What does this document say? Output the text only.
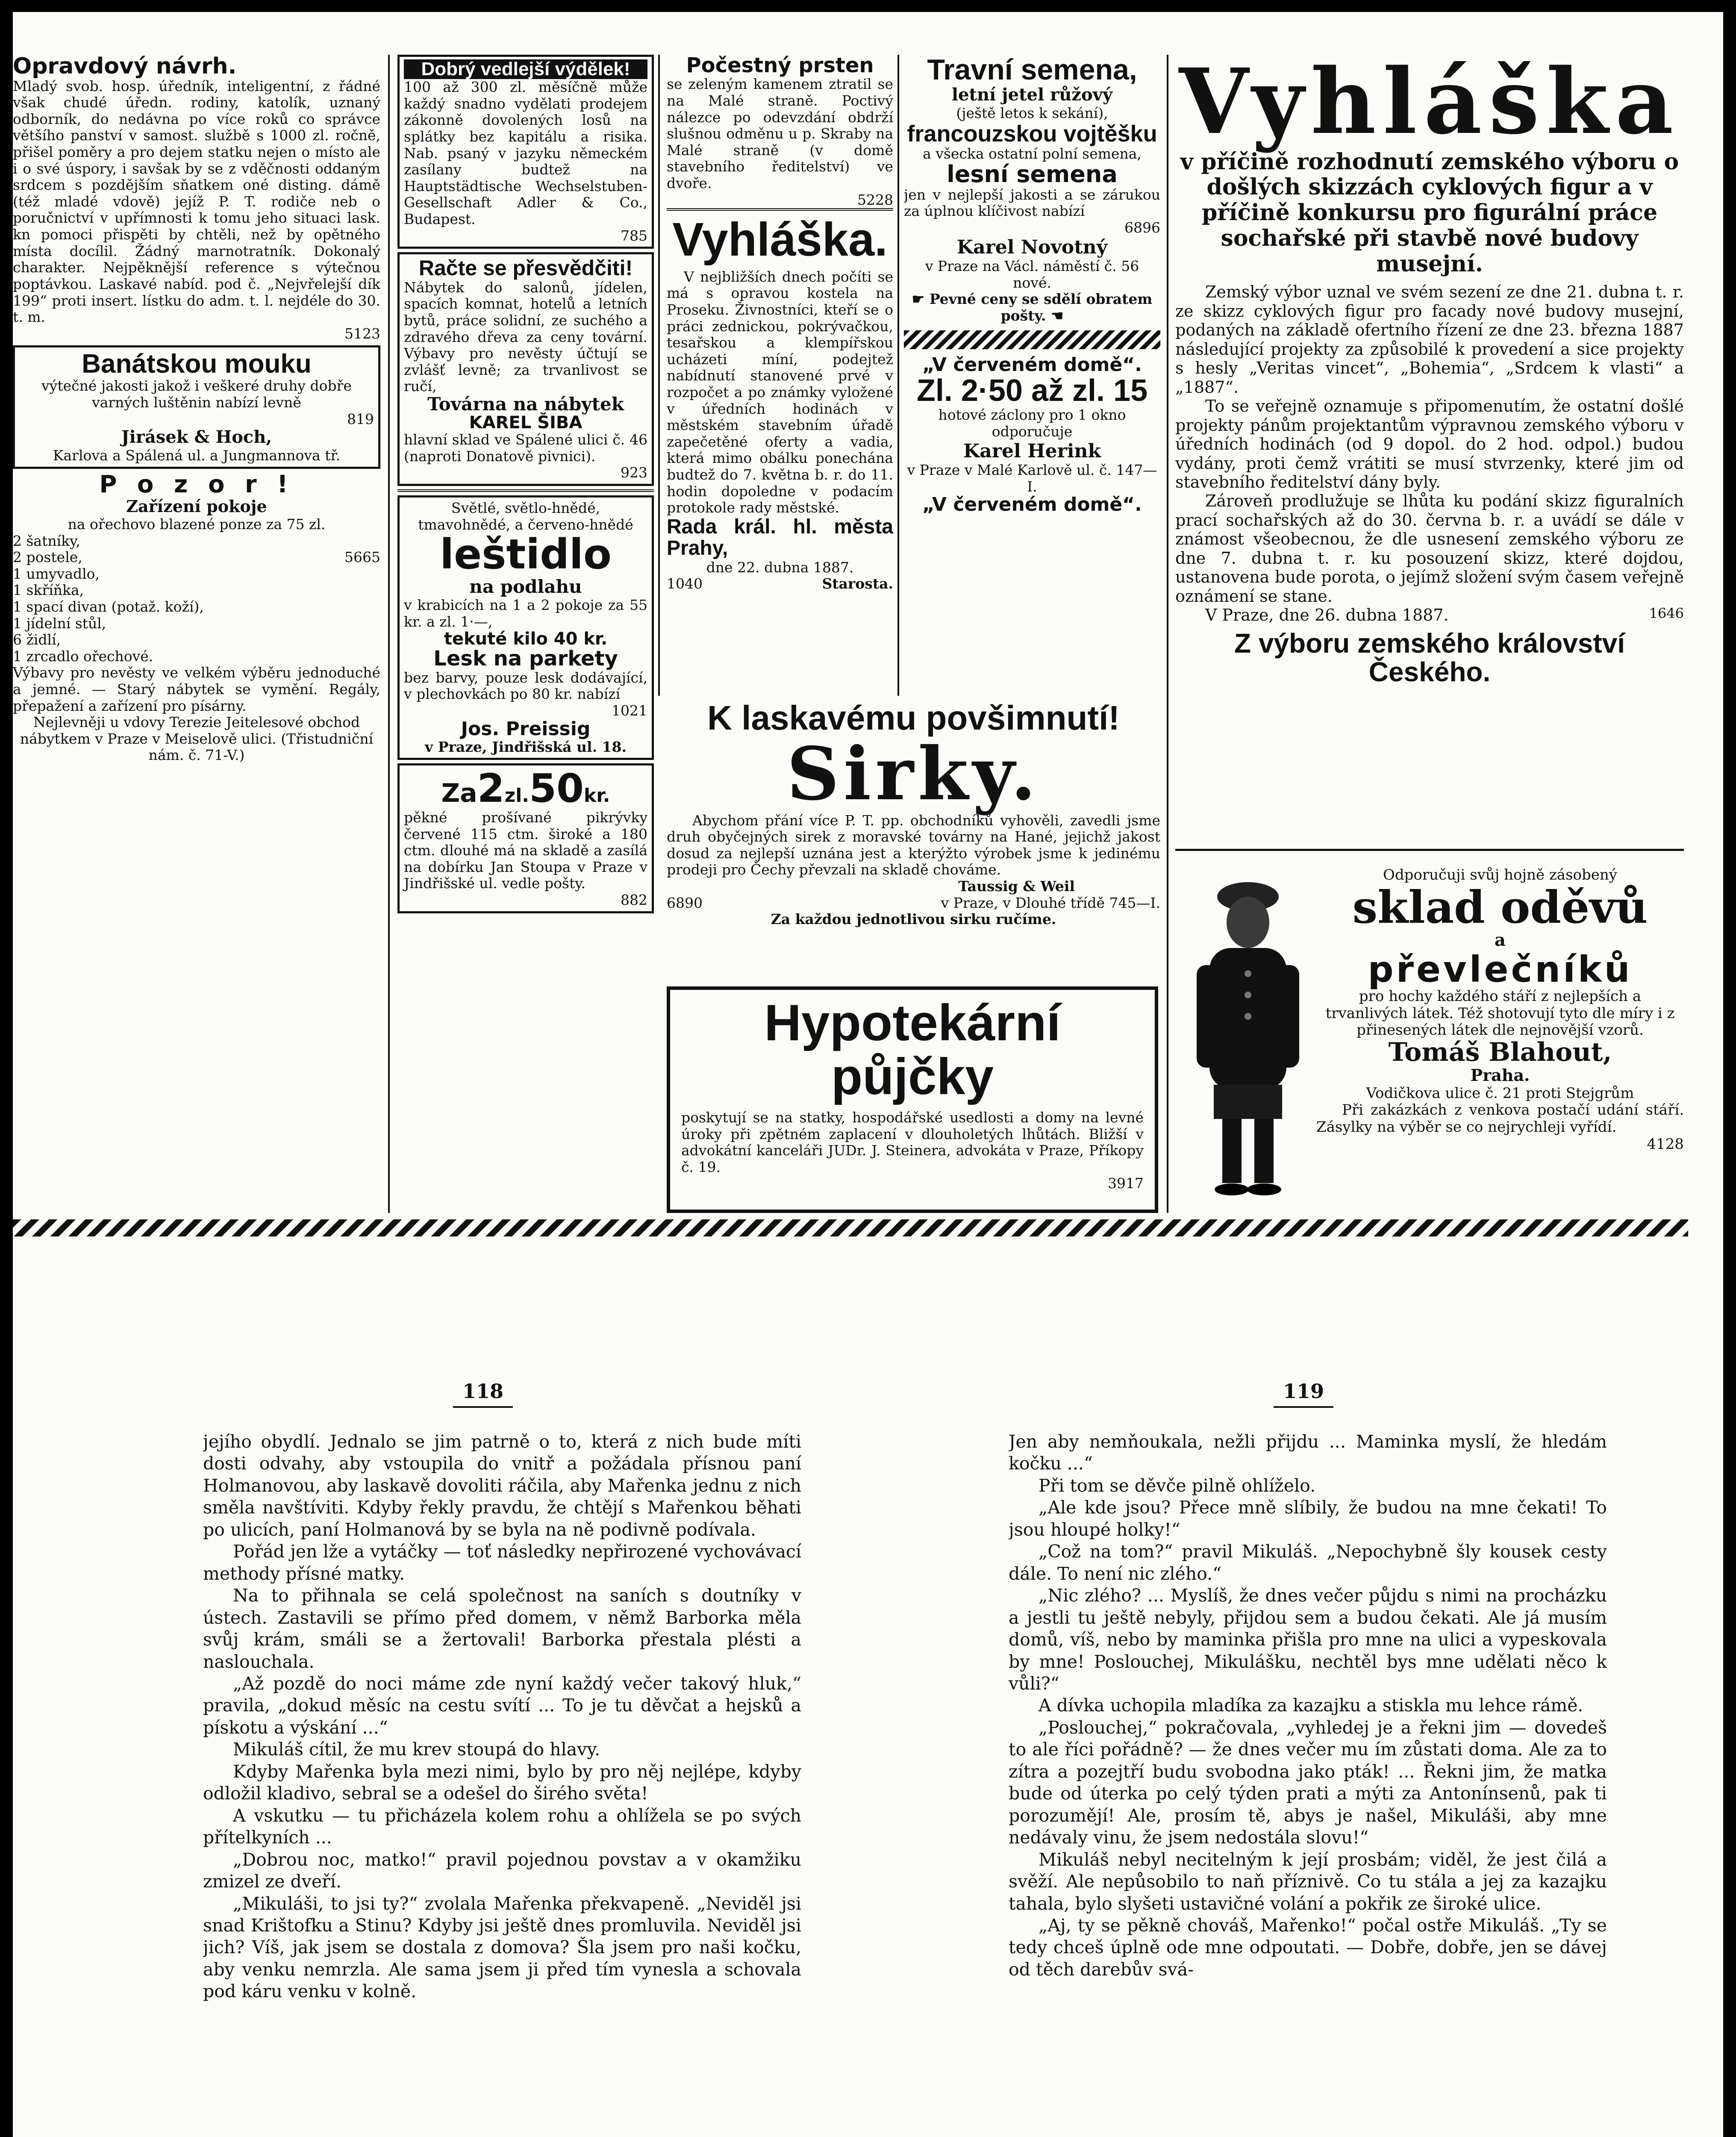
Opravdový návrh.

Mladý svob. hosp. úředník, inteligentní, z řádné však chudé úředn. rodiny, katolík, uznaný odborník, do nedávna po více roků co správce většího panství v samost. službě s 1000 zl. ročně, přišel poměry a pro dejem statku nejen o místo ale i o své úspory, i savšak by se z vděčnosti oddaným srdcem s pozdějším sňatkem oné disting. dámě (též mladé vdově) jejíž P. T. rodiče neb o poručnictví v upřímnosti k tomu jeho situaci lask. kn pomoci přispěti by chtěli, než by opětného místa docílil. Žádný marnotratník. Dokonalý charakter. Nejpěknější reference s výtečnou poptávkou. Laskavé nabíd. pod č. „Nejvřelejší dík 199“ proti insert. lístku do adm. t. l. nejdéle do 30. t. m.

5123

Banátskou mouku

výtečné jakosti jakož i veškeré druhy dobře varných luštěnin nabízí levně

819

Jirásek & Hoch,

Karlova a Spálená ul. a Jungmannova tř.

P o z o r !

Zařízení pokoje

na ořechovo blazené ponze za 75 zl.

2 šatníky,

2 postele,	5665

1 umyvadlo,

1 skříňka,

1 spací divan (potaž. koží),

1 jídelní stůl,

6 židlí,

1 zrcadlo ořechové.

Výbavy pro nevěsty ve velkém výběru jednoduché a jemné. — Starý nábytek se vymění. Regály, přepažení a zařízení pro písárny.

Nejlevněji u vdovy Terezie Jeitelesové obchod nábytkem v Praze v Meiselově ulici. (Třistudniční nám. č. 71-V.)

Dobrý vedlejší výdělek!

100 až 300 zl. měsíčně může každý snadno vydělati prodejem zákonně dovolených losů na splátky bez kapitálu a risika. Nab. psaný v jazyku německém zasílany budtež na Hauptstädtische Wechselstuben-Gesellschaft Adler & Co., Budapest.

785

Račte se přesvědčiti!

Nábytek do salonů, jídelen, spacích komnat, hotelů a letních bytů, práce solidní, ze suchého a zdravého dřeva za ceny tovární. Výbavy pro nevěsty účtují se zvlášť levně; za trvanlivost se ručí,

Továrna na nábytek

KAREL ŠIBA

hlavní sklad ve Spálené ulici č. 46 (naproti Donatově pivnici).

923

Světlé, světlo-hnědé, tmavohnědé, a červeno-hnědé

leštidlo

na podlahu

v krabicích na 1 a 2 pokoje za 55 kr. a zl. 1·—,

tekuté kilo 40 kr.

Lesk na parkety

bez barvy, pouze lesk dodávající, v plechovkách po 80 kr. nabízí

1021

Jos. Preissig

v Praze, Jindřišská ul. 18.

Za2zl.50kr.

pěkné prošívané pikrývky červené 115 ctm. široké a 180 ctm. dlouhé má na skladě a zasílá na dobírku Jan Stoupa v Praze v Jindřišské ul. vedle pošty.

882

Počestný prsten

se zeleným kamenem ztratil se na Malé straně. Poctivý nálezce po odevzdání obdrží slušnou odměnu u p. Skraby na Malé straně (v domě stavebního ředitelství) ve dvoře.

5228

Vyhláška.

V nejbližších dnech počíti se má s opravou kostela na Proseku. Živnostníci, kteří se o práci zednickou, pokrývačkou, tesařskou a klempířskou ucházeti míní, podejtež nabídnutí stanovené prvé v rozpočet a po známky vyložené v úředních hodinách v městském stavebním úřadě zapečetěné oferty a vadia, která mimo obálku ponechána budtež do 7. května b. r. do 11. hodin dopoledne v podacím protokole rady městské.

Rada král. hl. města Prahy,

dne 22. dubna 1887.

1040	Starosta.

Travní semena,

letní jetel růžový

(ještě letos k sekání),

francouzskou vojtěšku

a všecka ostatní polní semena,

lesní semena

jen v nejlepší jakosti a se zárukou za úplnou klíčivost nabízí

6896

Karel Novotný

v Praze na Václ. náměstí č. 56 nové.

☛ Pevné ceny se sdělí obratem pošty. ☚

„V červeném domě“.

Zl. 2·50 až zl. 15

hotové záclony pro 1 okno odporučuje

Karel Herink

v Praze v Malé Karlově ul. č. 147—I.

„V červeném domě“.

K laskavému povšimnutí!

Sirky.

Abychom přání více P. T. pp. obchodníků vyhověli, zavedli jsme druh obyčejných sirek z moravské továrny na Hané, jejichž jakost dosud za nejlepší uznána jest a kterýžto výrobek jsme k jedinému prodeji pro Čechy převzali na skladě chováme.

Taussig & Weil

6890	v Praze, v Dlouhé třídě 745—I.

Za každou jednotlivou sirku ručíme.

Hypotekární půjčky

poskytují se na statky, hospodářské usedlosti a domy na levné úroky při zpětném zaplacení v dlouholetých lhůtách. Bližší v advokátní kanceláři JUDr. J. Steinera, advokáta v Praze, Příkopy č. 19.

3917

Vyhláška

v příčině rozhodnutí zemského výboru o došlých skizzách cyklových figur a v příčině konkursu pro figurální práce sochařské při stavbě nové budovy musejní.

Zemský výbor uznal ve svém sezení ze dne 21. dubna t. r. ze skizz cyklových figur pro facady nové budovy musejní, podaných na základě ofertního řízení ze dne 23. března 1887 následující projekty za způsobilé k provedení a sice projekty s hesly „Veritas vincet“, „Bohemia“, „Srdcem k vlasti“ a „1887“.

To se veřejně oznamuje s připomenutím, že ostatní došlé projekty pánům projektantům výpravnou zemského výboru v úředních hodinách (od 9 dopol. do 2 hod. odpol.) budou vydány, proti čemž vrátiti se musí stvrzenky, které jim od stavebního ředitelství dány byly.

Zároveň prodlužuje se lhůta ku podání skizz figuralních prací sochařských až do 30. června b. r. a uvádí se dále v známost všeobecnou, že dle usnesení zemského výboru ze dne 7. dubna t. r. ku posouzení skizz, které dojdou, ustanovena bude porota, o jejímž složení svým časem veřejně oznámení se stane.

V Praze, dne 26. dubna 1887.	1646

Z výboru zemského království Českého.

Odporučuji svůj hojně zásobený

sklad oděvů

a

převlečníků

pro hochy každého stáří z nejlepších a trvanlivých látek. Též shotovují tyto dle míry i z přinesených látek dle nejnovější vzorů.

Tomáš Blahout,

Praha.

Vodičkova ulice č. 21 proti Stejgrům

Při zakázkách z venkova postačí udání stáří. Zásylky na výběr se co nejrychleji vyřídí.

4128

118	119

jejího obydlí. Jednalo se jim patrně o to, která z nich bude míti dosti odvahy, aby vstoupila do vnitř a požádala přísnou paní Holmanovou, aby laskavě dovoliti ráčila, aby Mařenka jednu z nich směla navštíviti. Kdyby řekly pravdu, že chtějí s Mařenkou běhati po ulicích, paní Holmanová by se byla na ně podivně podívala.

Pořád jen lže a vytáčky — toť následky nepřirozené vychovávací methody přísné matky.

Na to přihnala se celá společnost na saních s doutníky v ústech. Zastavili se přímo před domem, v němž Barborka měla svůj krám, smáli se a žertovali! Barborka přestala plésti a naslouchala.

„Až pozdě do noci máme zde nyní každý večer takový hluk,“ pravila, „dokud měsíc na cestu svítí ... To je tu děvčat a hejsků a pískotu a výskání ...“

Mikuláš cítil, že mu krev stoupá do hlavy.

Kdyby Mařenka byla mezi nimi, bylo by pro něj nejlépe, kdyby odložil kladivo, sebral se a odešel do širého světa!

A vskutku — tu přicházela kolem rohu a ohlížela se po svých přítelkyních ...

„Dobrou noc, matko!“ pravil pojednou povstav a v okamžiku zmizel ze dveří.

„Mikuláši, to jsi ty?“ zvolala Mařenka překvapeně. „Neviděl jsi snad Krištofku a Stinu? Kdyby jsi ještě dnes promluvila. Neviděl jsi jich? Víš, jak jsem se dostala z domova? Šla jsem pro naši kočku, aby venku nemrzla. Ale sama jsem ji před tím vynesla a schovala pod káru venku v kolně.

Jen aby nemňoukala, nežli přijdu ... Maminka myslí, že hledám kočku ...“

Při tom se děvče pilně ohlíželo.

„Ale kde jsou? Přece mně slíbily, že budou na mne čekati! To jsou hloupé holky!“

„Což na tom?“ pravil Mikuláš. „Nepochybně šly kousek cesty dále. To není nic zlého.“

„Nic zlého? ... Myslíš, že dnes večer půjdu s nimi na procházku a jestli tu ještě nebyly, přijdou sem a budou čekati. Ale já musím domů, víš, nebo by maminka přišla pro mne na ulici a vypeskovala by mne! Poslouchej, Mikulášku, nechtěl bys mne udělati něco k vůli?“

A dívka uchopila mladíka za kazajku a stiskla mu lehce rámě.

„Poslouchej,“ pokračovala, „vyhledej je a řekni jim — dovedeš to ale říci pořádně? — že dnes večer mu ím zůstati doma. Ale za to zítra a pozejtří budu svobodna jako pták! ... Řekni jim, že matka bude od úterka po celý týden prati a mýti za Antonínsenů, pak ti porozumějí! Ale, prosím tě, abys je našel, Mikuláši, aby mne nedávaly vinu, že jsem nedostála slovu!“

Mikuláš nebyl necitelným k její prosbám; viděl, že jest čilá a svěží. Ale nepůsobilo to naň příznivě. Co tu stála a jej za kazajku tahala, bylo slyšeti ustavičné volání a pokřik ze široké ulice.

„Aj, ty se pěkně chováš, Mařenko!“ počal ostře Mikuláš. „Ty se tedy chceš úplně ode mne odpoutati. — Dobře, dobře, jen se dávej od těch darebův svá-
